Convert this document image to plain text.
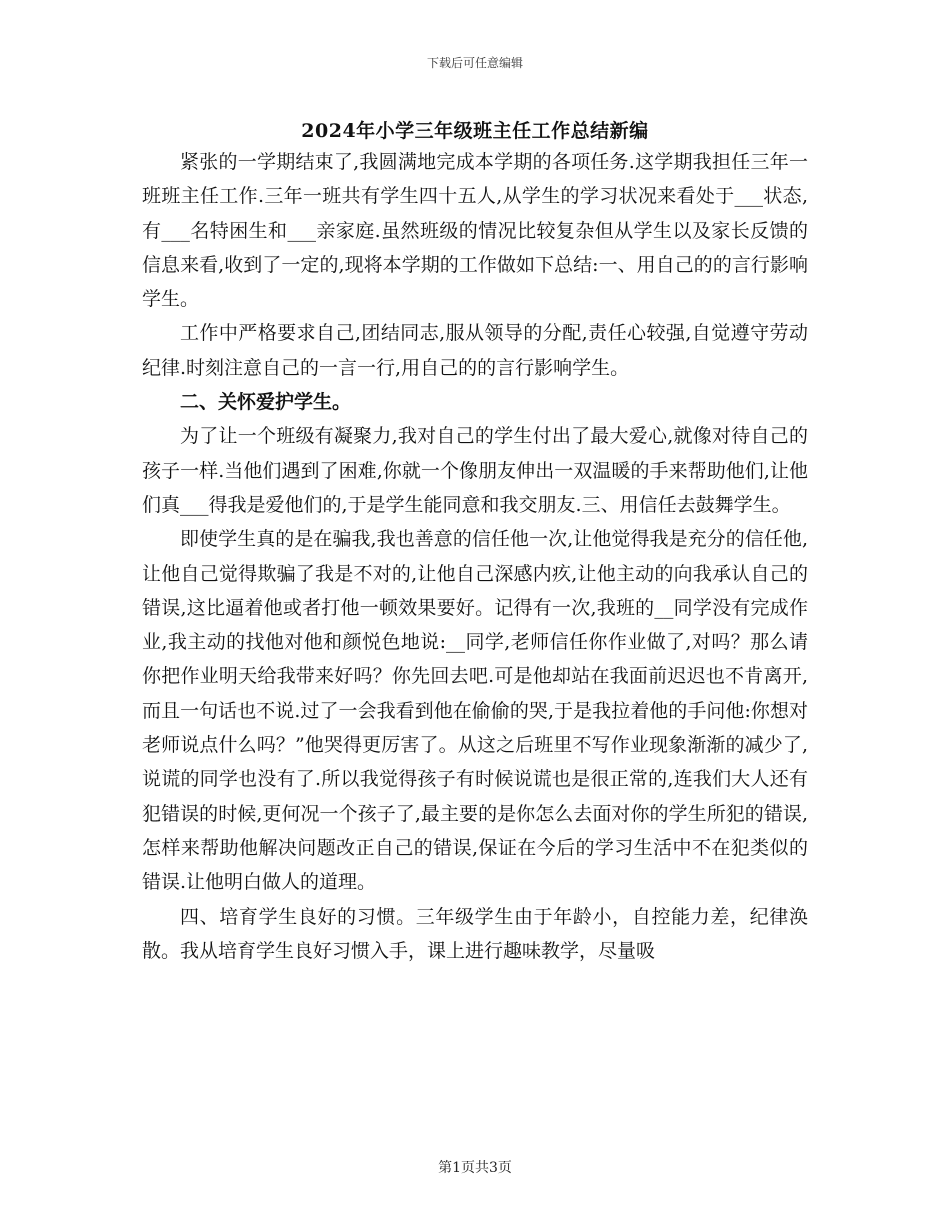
下载后可任意编辑
2024年小学三年级班主任工作总结新编

紧张的一学期结束了,我圆满地完成本学期的各项任务.这学期我担任三年一班班主任工作.三年一班共有学生四十五人,从学生的学习状况来看处于___状态,有___名特困生和___亲家庭.虽然班级的情况比较复杂但从学生以及家长反馈的信息来看,收到了一定的,现将本学期的工作做如下总结:一、用自己的的言行影响学生。

工作中严格要求自己,团结同志,服从领导的分配,责任心较强,自觉遵守劳动纪律.时刻注意自己的一言一行,用自己的的言行影响学生。

二、关怀爱护学生。

为了让一个班级有凝聚力,我对自己的学生付出了最大爱心,就像对待自己的孩子一样.当他们遇到了困难,你就一个像朋友伸出一双温暖的手来帮助他们,让他们真___得我是爱他们的,于是学生能同意和我交朋友.三、用信任去鼓舞学生。

即使学生真的是在骗我,我也善意的信任他一次,让他觉得我是充分的信任他,让他自己觉得欺骗了我是不对的,让他自己深感内疚,让他主动的向我承认自己的错误,这比逼着他或者打他一顿效果要好。记得有一次,我班的__同学没有完成作业,我主动的找他对他和颜悦色地说:__同学,老师信任你作业做了,对吗？那么请你把作业明天给我带来好吗？你先回去吧.可是他却站在我面前迟迟也不肯离开,而且一句话也不说.过了一会我看到他在偷偷的哭,于是我拉着他的手问他:你想对老师说点什么吗？”他哭得更厉害了。从这之后班里不写作业现象渐渐的减少了,说谎的同学也没有了.所以我觉得孩子有时候说谎也是很正常的,连我们大人还有犯错误的时候,更何况一个孩子了,最主要的是你怎么去面对你的学生所犯的错误,怎样来帮助他解决问题改正自己的错误,保证在今后的学习生活中不在犯类似的错误.让他明白做人的道理。

四、培育学生良好的习惯。三年级学生由于年龄小，自控能力差，纪律涣散。我从培育学生良好习惯入手，课上进行趣味教学，尽量吸

第1页共3页
